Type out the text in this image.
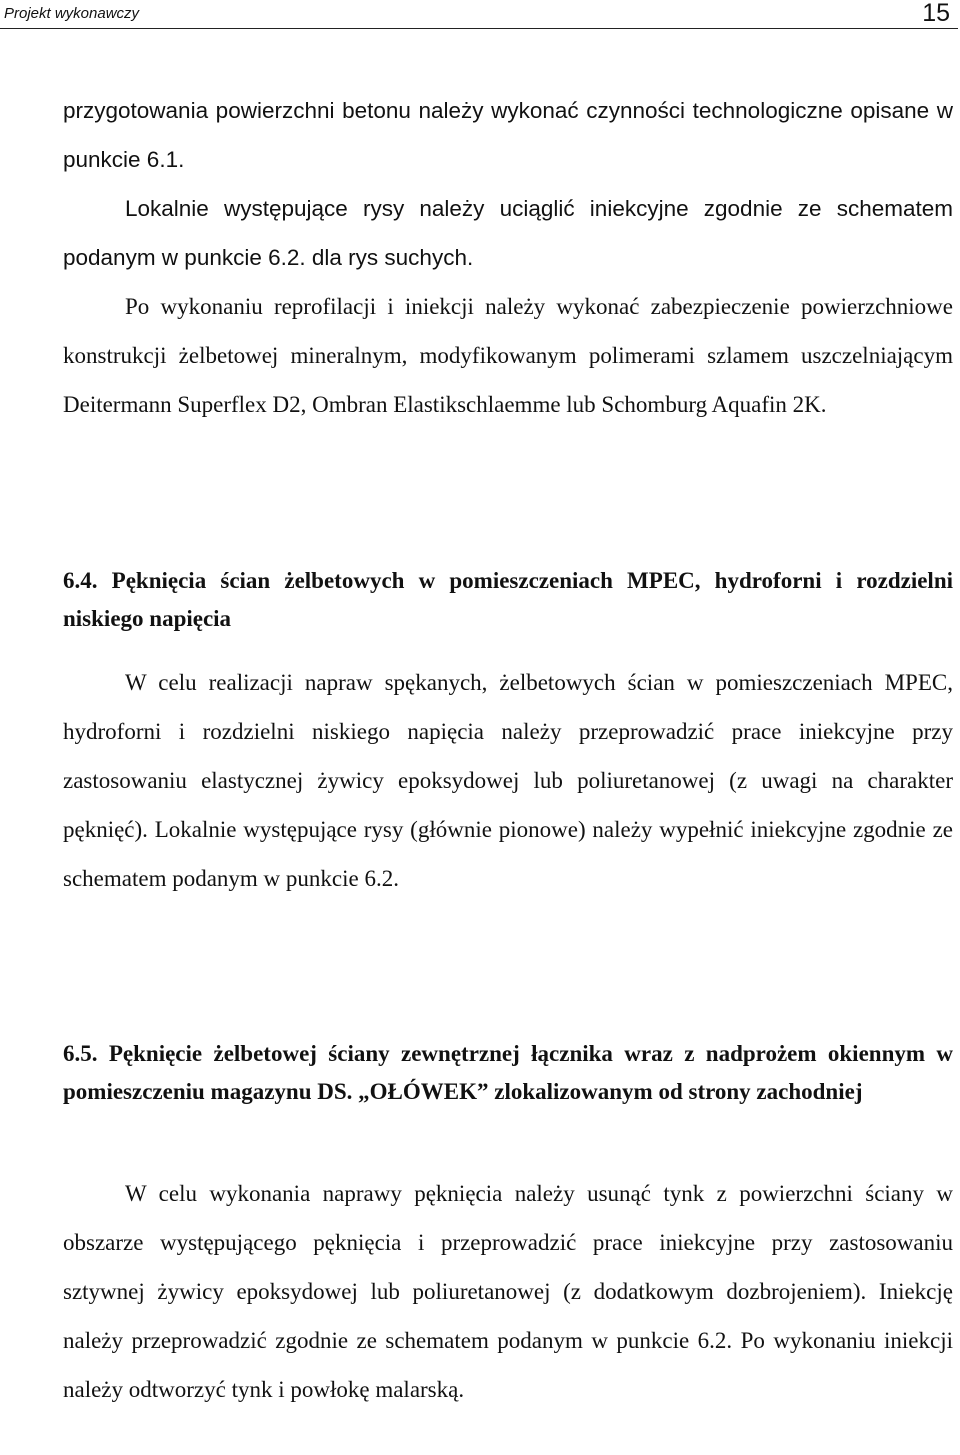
Projekt wykonawczy	15

przygotowania powierzchni betonu należy wykonać czynności technologiczne opisane w punkcie 6.1.

Lokalnie występujące rysy należy uciąglić iniekcyjne zgodnie ze schematem podanym w punkcie 6.2. dla rys suchych.

Po wykonaniu reprofilacji i iniekcji należy wykonać zabezpieczenie powierzchniowe konstrukcji żelbetowej mineralnym, modyfikowanym polimerami szlamem uszczelniającym Deitermann Superflex D2, Ombran Elastikschlaemme lub Schomburg Aquafin 2K.

6.4. Pęknięcia ścian żelbetowych w pomieszczeniach MPEC, hydroforni i rozdzielni niskiego napięcia

W celu realizacji napraw spękanych, żelbetowych ścian w pomieszczeniach MPEC, hydroforni i rozdzielni niskiego napięcia należy przeprowadzić prace iniekcyjne przy zastosowaniu elastycznej żywicy epoksydowej lub poliuretanowej (z uwagi na charakter pęknięć). Lokalnie występujące rysy (głównie pionowe) należy wypełnić iniekcyjne zgodnie ze schematem podanym w punkcie 6.2.

6.5. Pęknięcie żelbetowej ściany zewnętrznej łącznika wraz z nadprożem okiennym w pomieszczeniu magazynu DS. „OŁÓWEK” zlokalizowanym od strony zachodniej

W celu wykonania naprawy pęknięcia należy usunąć tynk z powierzchni ściany w obszarze występującego pęknięcia i przeprowadzić prace iniekcyjne przy zastosowaniu sztywnej żywicy epoksydowej lub poliuretanowej (z dodatkowym dozbrojeniem). Iniekcję należy przeprowadzić zgodnie ze schematem podanym w punkcie 6.2. Po wykonaniu iniekcji należy odtworzyć tynk i powłokę malarską.
